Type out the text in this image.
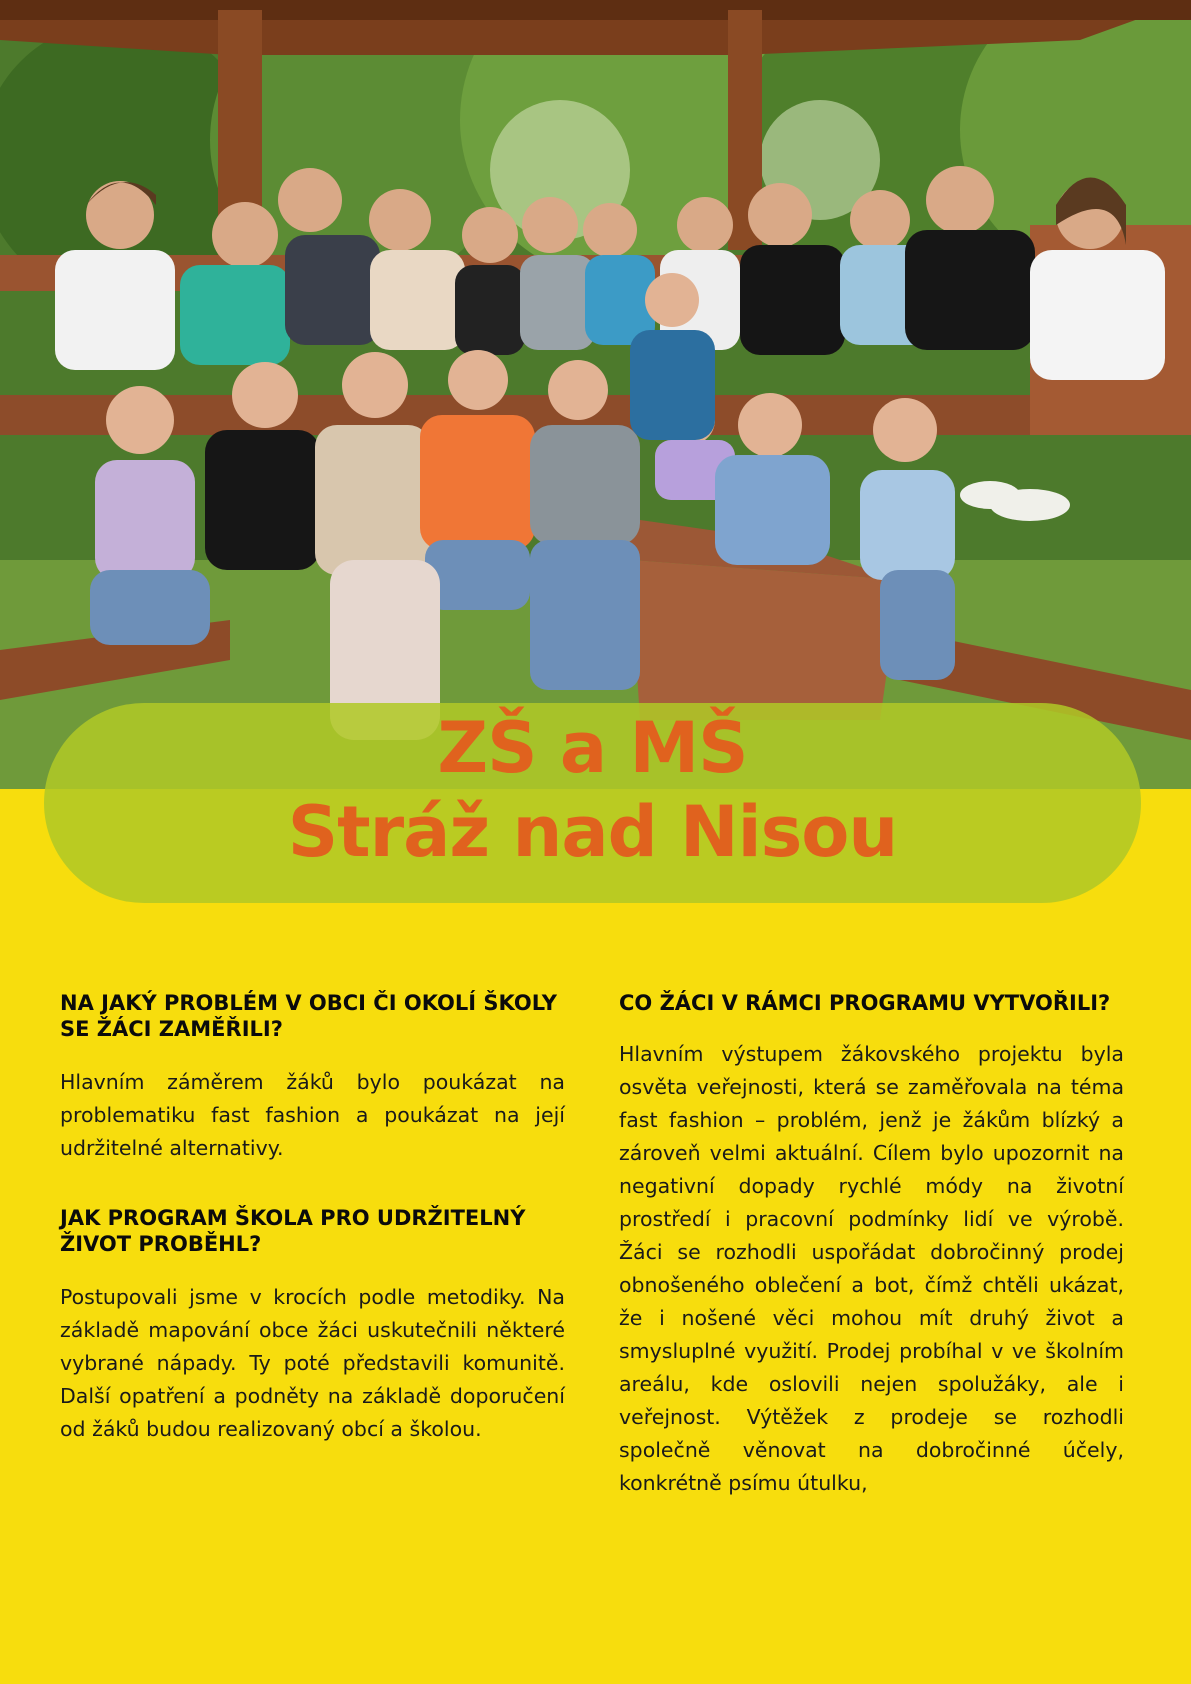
ZŠ a MŠ
Stráž nad Nisou
NA JAKÝ PROBLÉM V OBCI ČI OKOLÍ ŠKOLY SE ŽÁCI ZAMĚŘILI?

Hlavním záměrem žáků bylo poukázat na problematiku fast fashion a poukázat na její udržitelné alternativy.

JAK PROGRAM ŠKOLA PRO UDRŽITELNÝ ŽIVOT PROBĚHL?

Postupovali jsme v krocích podle metodiky. Na základě mapování obce žáci uskutečnili některé vybrané nápady. Ty poté představili komunitě. Další opatření a podněty na základě doporučení od žáků budou realizovaný obcí a školou.

CO ŽÁCI V RÁMCI PROGRAMU VYTVOŘILI?

Hlavním výstupem žákovského projektu byla osvěta veřejnosti, která se zaměřovala na téma fast fashion – problém, jenž je žákům blízký a zároveň velmi aktuální. Cílem bylo upozornit na negativní dopady rychlé módy na životní prostředí i pracovní podmínky lidí ve výrobě. Žáci se rozhodli uspořádat dobročinný prodej obnošeného oblečení a bot, čímž chtěli ukázat, že i nošené věci mohou mít druhý život a smysluplné využití. Prodej probíhal v ve školním areálu, kde oslovili nejen spolužáky, ale i veřejnost. Výtěžek z prodeje se rozhodli společně věnovat na dobročinné účely, konkrétně psímu útulku,
